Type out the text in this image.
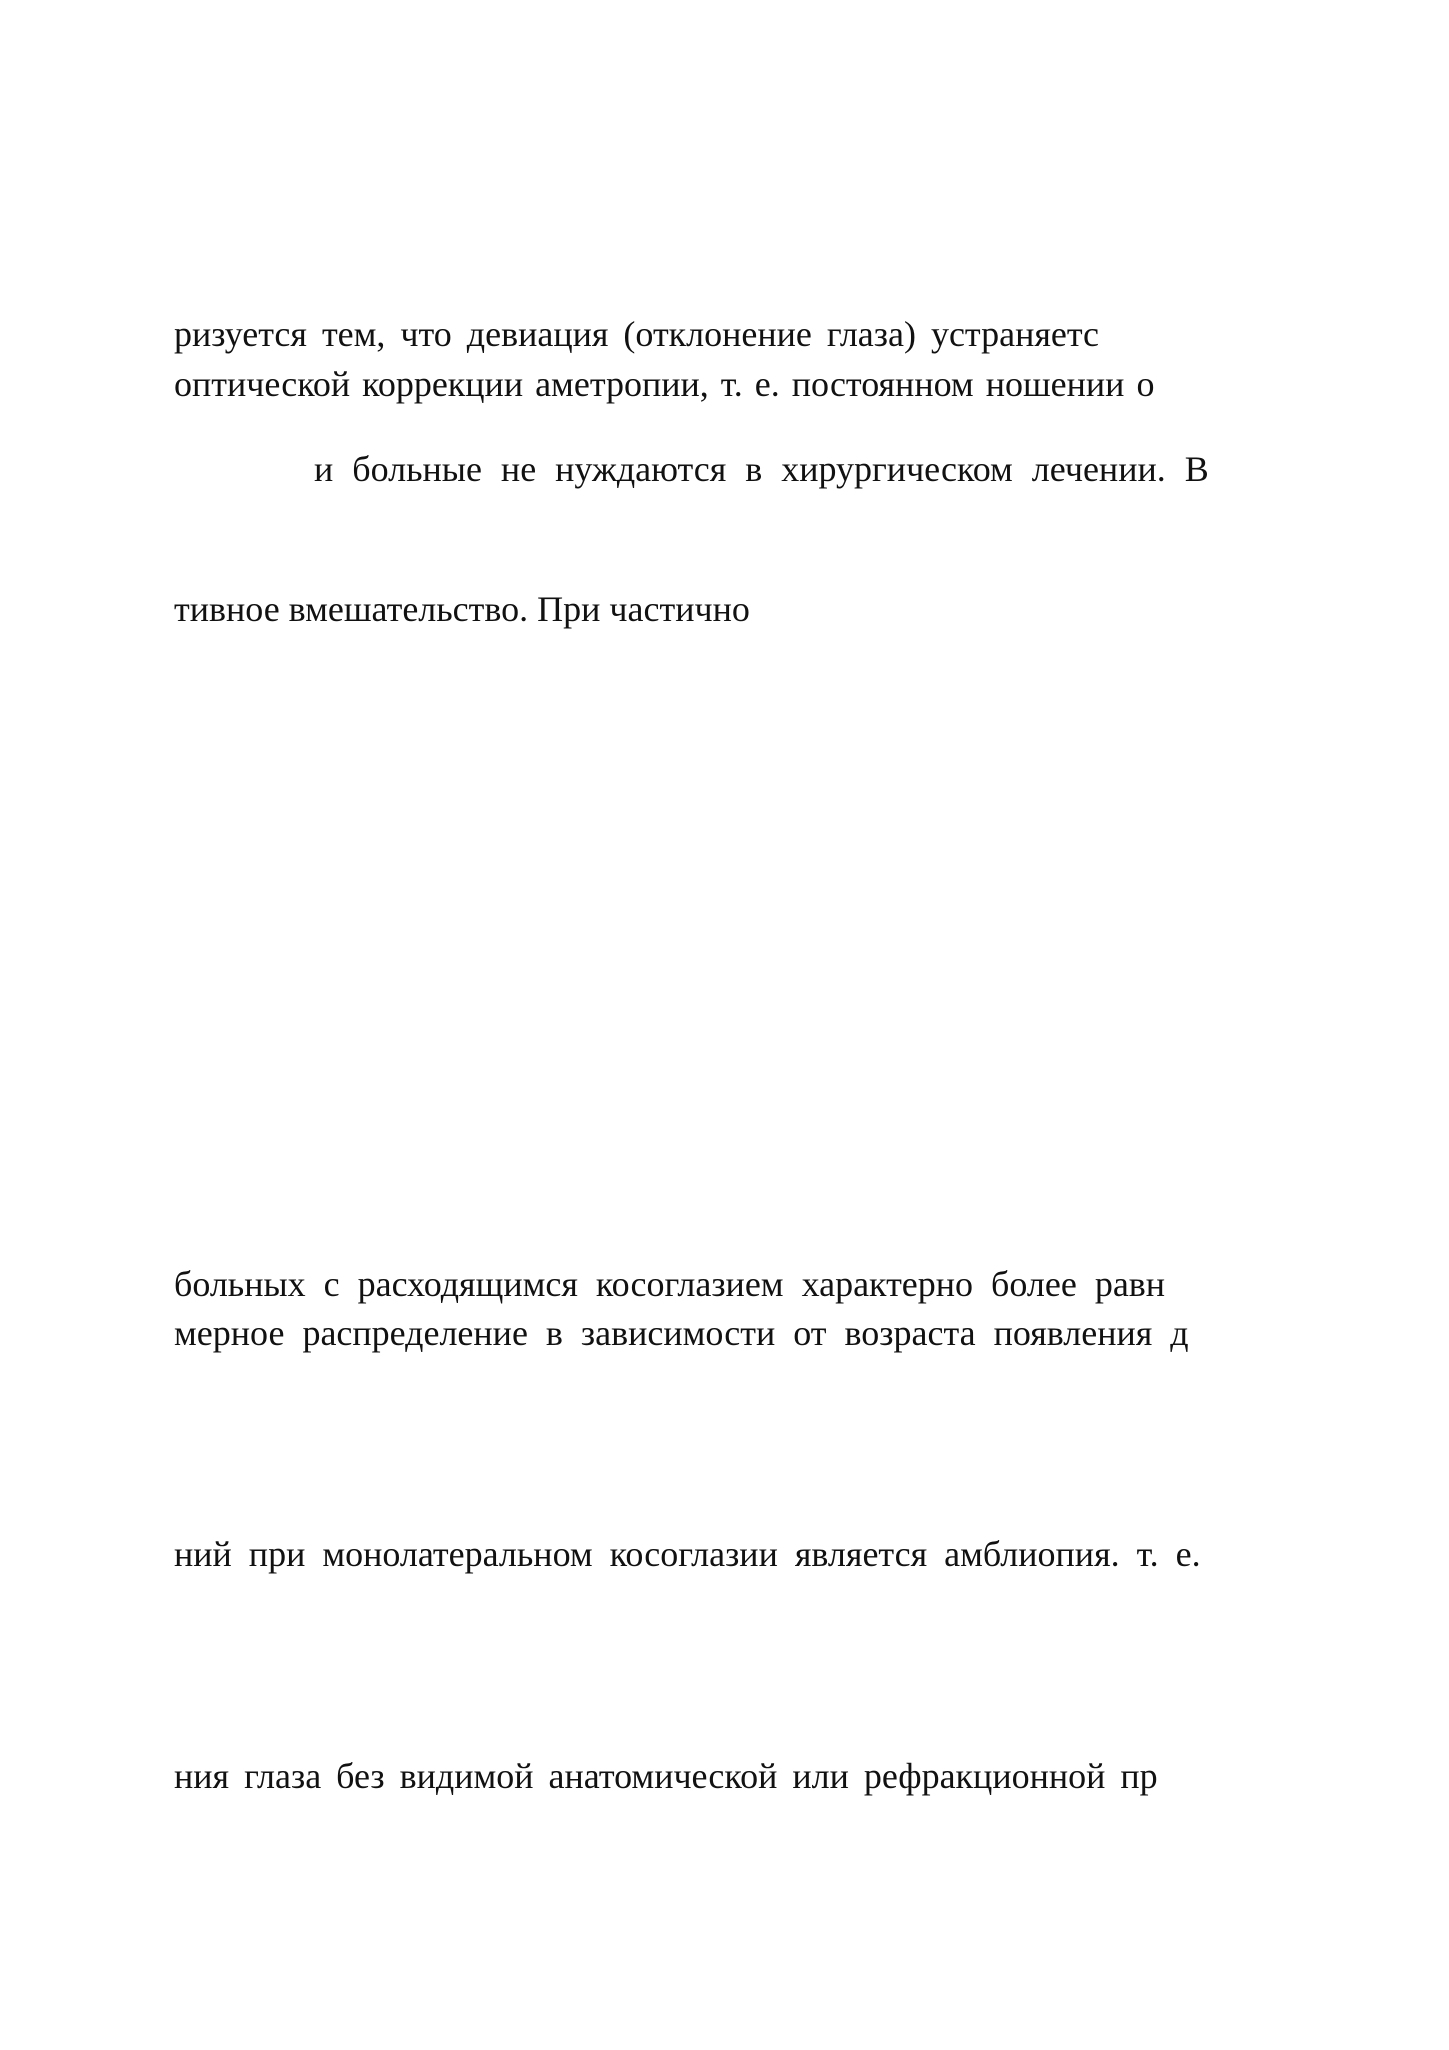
ризуется тем, что девиация (отклонение глаза) устраняетс

оптической коррекции аметропии, т. е. постоянном ношении о

и больные не нуждаются в хирургическом лечении. В

тивное вмешательство. При частично

больных с расходящимся косоглазием характерно более равн

мерное распределение в зависимости от возраста появления д

ний при монолатеральном косоглазии является амблиопия. т. е.

ния глаза без видимой анатомической или рефракционной пр
